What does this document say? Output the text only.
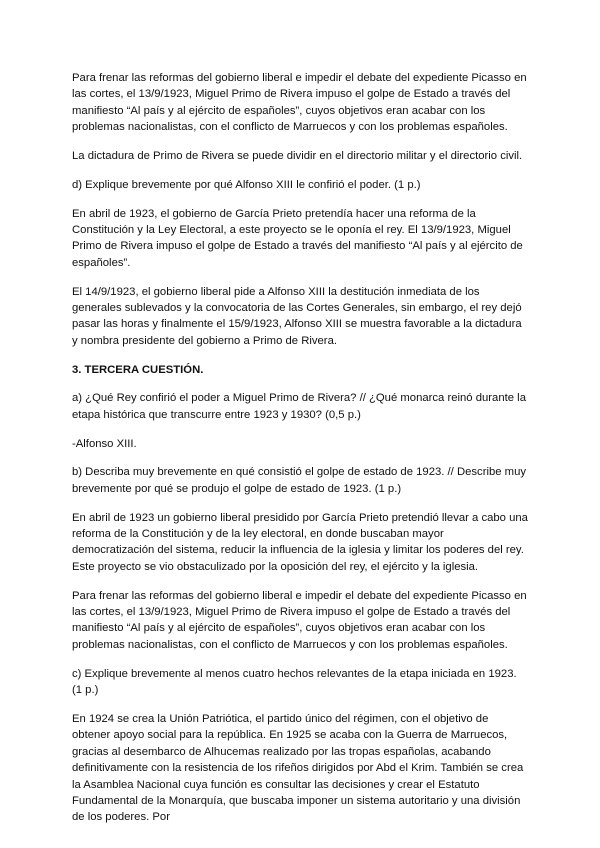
Para frenar las reformas del gobierno liberal e impedir el debate del expediente Picasso en las cortes, el 13/9/1923, Miguel Primo de Rivera impuso el golpe de Estado a través del manifiesto “Al país y al ejército de españoles”, cuyos objetivos eran acabar con los problemas nacionalistas, con el conflicto de Marruecos y con los problemas españoles.

La dictadura de Primo de Rivera se puede dividir en el directorio militar y el directorio civil.

d) Explique brevemente por qué Alfonso XIII le confirió el poder. (1 p.)

En abril de 1923, el gobierno de García Prieto pretendía hacer una reforma de la Constitución y la Ley Electoral, a este proyecto se le oponía el rey. El 13/9/1923, Miguel Primo de Rivera impuso el golpe de Estado a través del manifiesto “Al país y al ejército de españoles”.

El 14/9/1923, el gobierno liberal pide a Alfonso XIII la destitución inmediata de los generales sublevados y la convocatoria de las Cortes Generales, sin embargo, el rey dejó pasar las horas y finalmente el 15/9/1923, Alfonso XIII se muestra favorable a la dictadura y nombra presidente del gobierno a Primo de Rivera.

3. TERCERA CUESTIÓN.

a) ¿Qué Rey confirió el poder a Miguel Primo de Rivera? // ¿Qué monarca reinó durante la etapa histórica que transcurre entre 1923 y 1930? (0,5 p.)

-Alfonso XIII.

b) Describa muy brevemente en qué consistió el golpe de estado de 1923. // Describe muy brevemente por qué se produjo el golpe de estado de 1923. (1 p.)

En abril de 1923 un gobierno liberal presidido por García Prieto pretendió llevar a cabo una reforma de la Constitución y de la ley electoral, en donde buscaban mayor democratización del sistema, reducir la influencia de la iglesia y limitar los poderes del rey. Este proyecto se vio obstaculizado por la oposición del rey, el ejército y la iglesia.

Para frenar las reformas del gobierno liberal e impedir el debate del expediente Picasso en las cortes, el 13/9/1923, Miguel Primo de Rivera impuso el golpe de Estado a través del manifiesto “Al país y al ejército de españoles”, cuyos objetivos eran acabar con los problemas nacionalistas, con el conflicto de Marruecos y con los problemas españoles.

c) Explique brevemente al menos cuatro hechos relevantes de la etapa iniciada en 1923. (1 p.)

En 1924 se crea la Unión Patriótica, el partido único del régimen, con el objetivo de obtener apoyo social para la república. En 1925 se acaba con la Guerra de Marruecos, gracias al desembarco de Alhucemas realizado por las tropas españolas, acabando definitivamente con la resistencia de los rifeños dirigidos por Abd el Krim. También se crea la Asamblea Nacional cuya función es consultar las decisiones y crear el Estatuto Fundamental de la Monarquía, que buscaba imponer un sistema autoritario y una división de los poderes. Por
